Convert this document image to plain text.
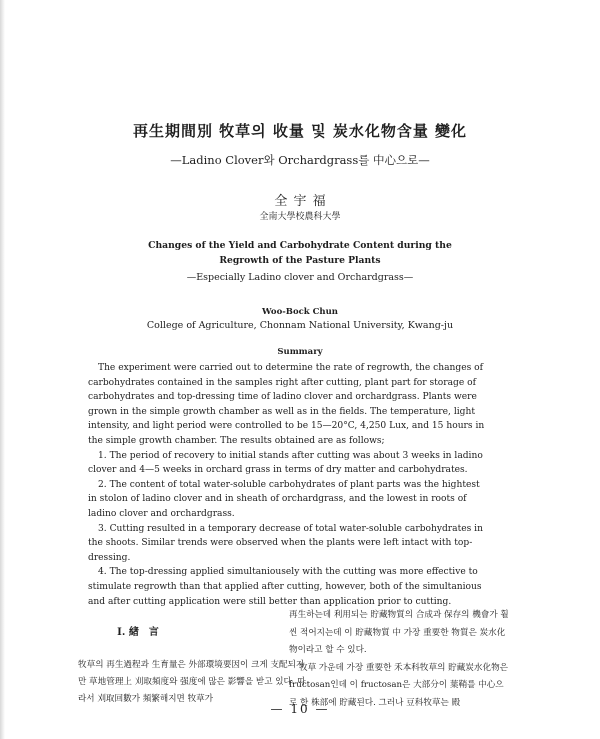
再生期間別 牧草의 收量 및 炭水化物含量 變化
—Ladino Clover와 Orchardgrass를 中心으로—
全 宇 福
全南大學校農科大學
Changes of the Yield and Carbohydrate Content during the
Regrowth of the Pasture Plants
—Especially Ladino clover and Orchardgrass—
Woo-Bock Chun
College of Agriculture, Chonnam National University, Kwang-ju
Summary

The experiment were carried out to determine the rate of regrowth, the changes of carbohydrates contained in the samples right after cutting, plant part for storage of carbohydrates and top-dressing time of ladino clover and orchardgrass. Plants were grown in the simple growth chamber as well as in the fields. The temperature, light intensity, and light period were controlled to be 15—20°C, 4,250 Lux, and 15 hours in the simple growth chamber. The results obtained are as follows;

1. The period of recovery to initial stands after cutting was about 3 weeks in ladino clover and 4—5 weeks in orchard grass in terms of dry matter and carbohydrates.

2. The content of total water-soluble carbohydrates of plant parts was the hightest in stolon of ladino clover and in sheath of orchardgrass, and the lowest in roots of ladino clover and orchardgrass.

3. Cutting resulted in a temporary decrease of total water-soluble carbohydrates in the shoots. Similar trends were observed when the plants were left intact with top-dressing.

4. The top-dressing applied simultaniousely with the cutting was more effective to stimulate regrowth than that applied after cutting, however, both of the simultanious and after cutting application were still better than application prior to cutting.

I. 緖　言

牧草의 再生過程과 生育量은 外部環境要因이 크게 支配되지만 草地管理上 刈取頻度와 强度에 많은 影響을 받고 있다. 따라서 刈取回數가 頻繁해지면 牧草가

再生하는데 利用되는 貯藏物質의 合成과 保存의 機會가 훨씬 적어지는데 이 貯藏物質 中 가장 重要한 物質은 炭水化物이라고 할 수 있다.

牧草 가운데 가장 重要한 禾本科牧草의 貯藏炭水化物은 fructosan인데 이 fructosan은 大部分이 葉鞘를 中心으로 한 株部에 貯藏된다. 그러나 豆科牧草는 殿

— 10 —
